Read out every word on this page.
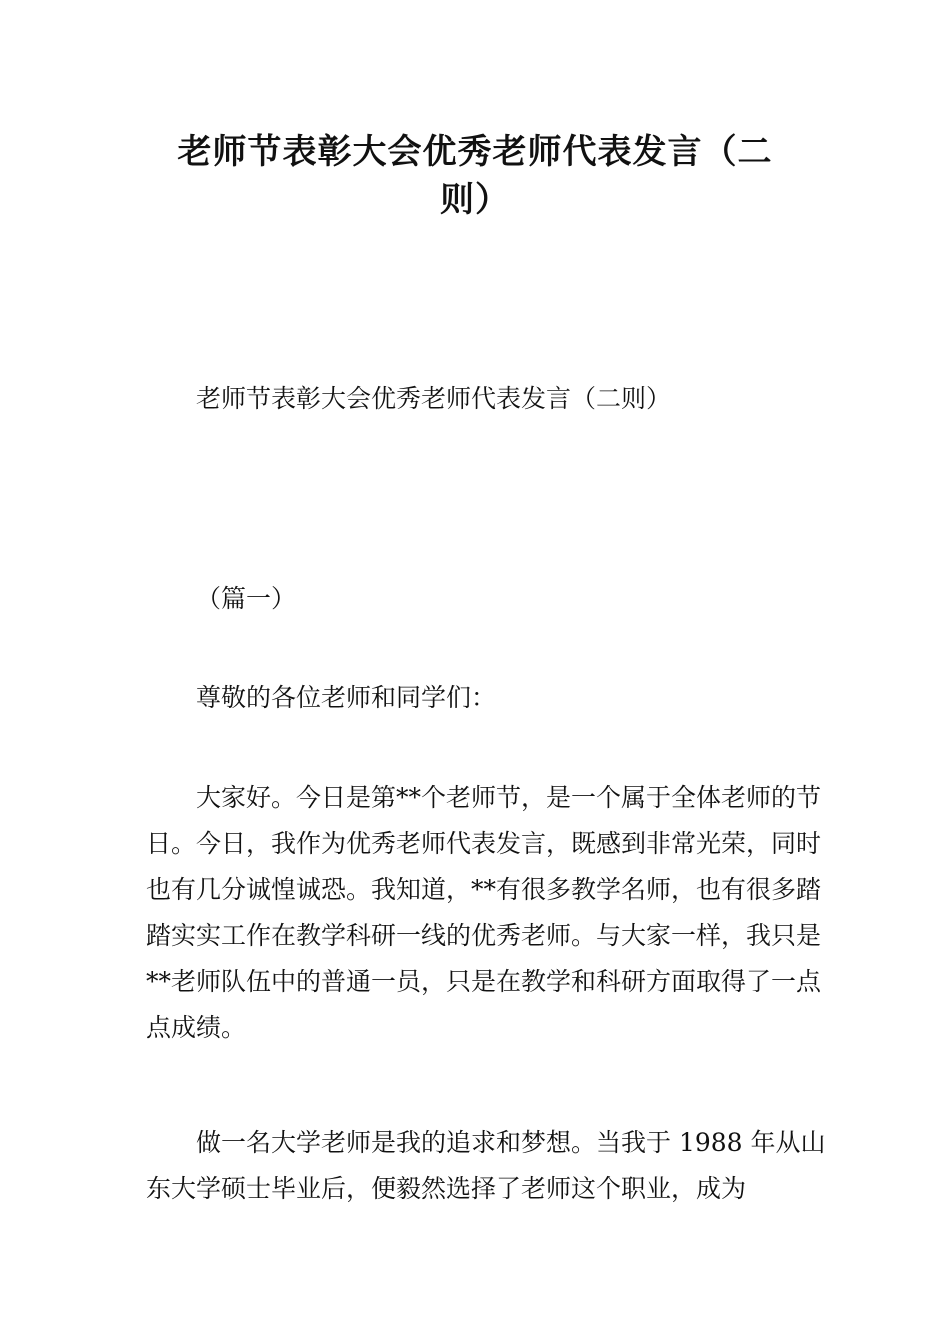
老师节表彰大会优秀老师代表发言（二
则）

老师节表彰大会优秀老师代表发言（二则）

（篇一）

尊敬的各位老师和同学们：

大家好。今日是第**个老师节，是一个属于全体老师的节日。今日，我作为优秀老师代表发言，既感到非常光荣，同时也有几分诚惶诚恐。我知道，**有很多教学名师，也有很多踏踏实实工作在教学科研一线的优秀老师。与大家一样，我只是**老师队伍中的普通一员，只是在教学和科研方面取得了一点点成绩。

做一名大学老师是我的追求和梦想。当我于 1988 年从山东大学硕士毕业后，便毅然选择了老师这个职业，成为
